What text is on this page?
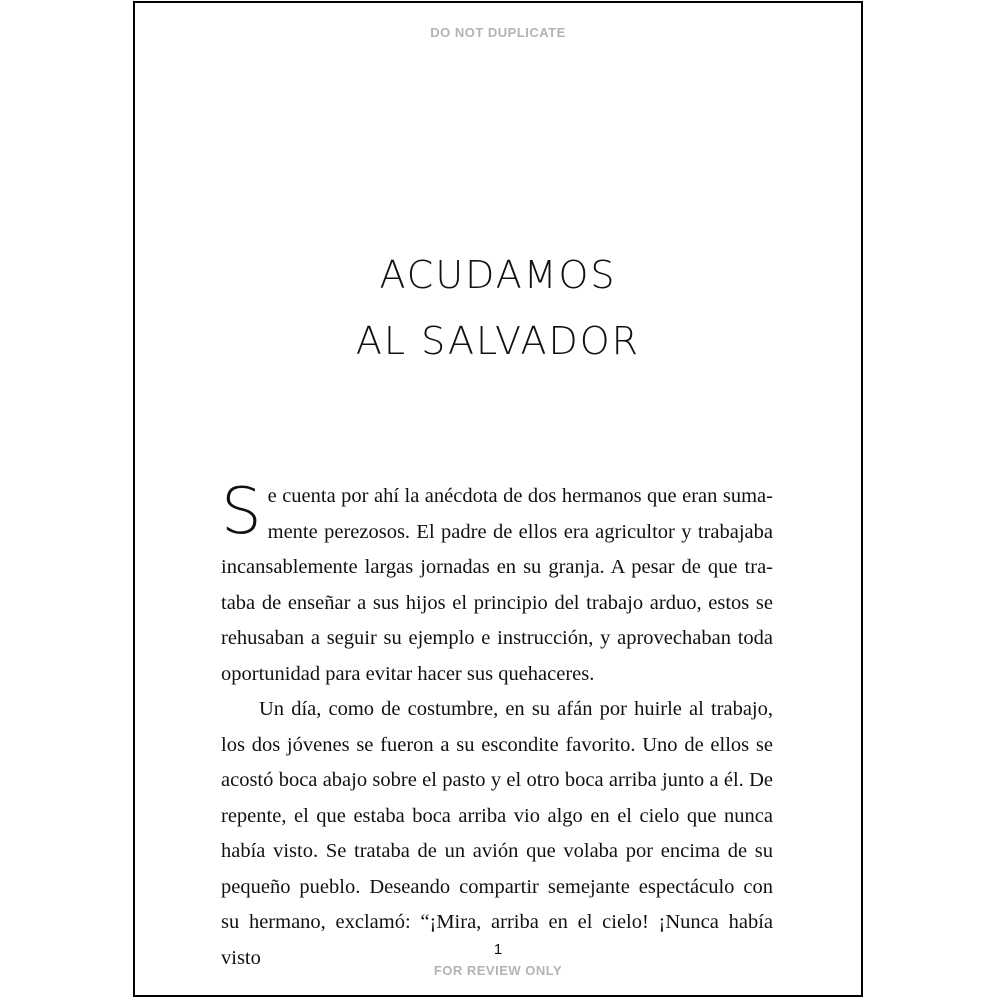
DO NOT DUPLICATE
ACUDAMOS
AL SALVADOR

Se cuenta por ahí la anécdota de dos hermanos que eran suma- mente perezosos. El padre de ellos era agricultor y trabajaba incansablemente largas jornadas en su granja. A pesar de que tra- taba de enseñar a sus hijos el principio del trabajo arduo, estos se rehusaban a seguir su ejemplo e instrucción, y aprovechaban toda oportunidad para evitar hacer sus quehaceres.

Un día, como de costumbre, en su afán por huirle al trabajo, los dos jóvenes se fueron a su escondite favorito. Uno de ellos se acostó boca abajo sobre el pasto y el otro boca arriba junto a él. De repente, el que estaba boca arriba vio algo en el cielo que nunca había visto. Se trataba de un avión que volaba por encima de su pequeño pueblo. Deseando compartir semejante espectáculo con su hermano, exclamó: “¡Mira, arriba en el cielo! ¡Nunca había visto	1
FOR REVIEW ONLY
